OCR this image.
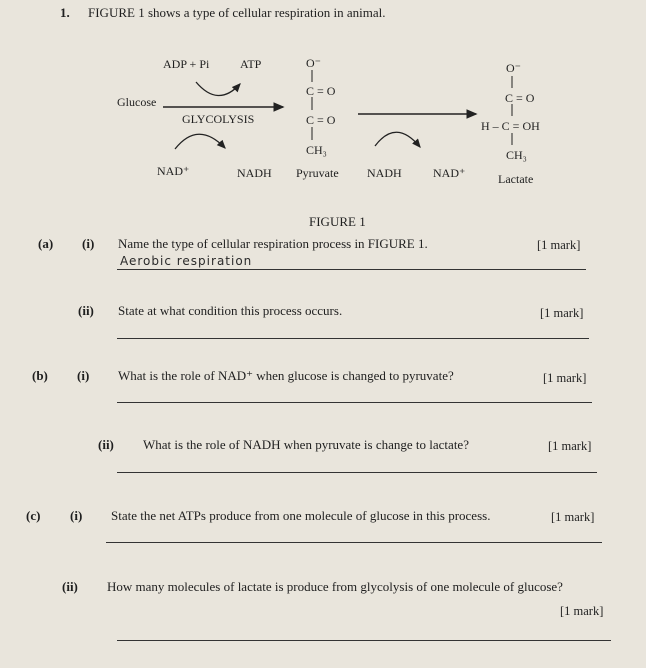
1. FIGURE 1 shows a type of cellular respiration in animal.
ADP + Pi	ATP
Glucose
GLYCOLYSIS
NAD⁺	NADH
O⁻
C = O
C = O
CH₃
Pyruvate NADH	NAD⁺
O⁻
C = O
H – C = OH
CH₃
Lactate
FIGURE 1
(a) (i) Name the type of cellular respiration process in FIGURE 1.	[1 mark]
Aerobic respiration
(ii) State at what condition this process occurs.	[1 mark]
(b) (i) What is the role of NAD⁺ when glucose is changed to pyruvate?	[1 mark]
(ii) What is the role of NADH when pyruvate is change to lactate?	[1 mark]
(c) (i) State the net ATPs produce from one molecule of glucose in this process.	[1 mark]
(ii) How many molecules of lactate is produce from glycolysis of one molecule of glucose?
[1 mark]
